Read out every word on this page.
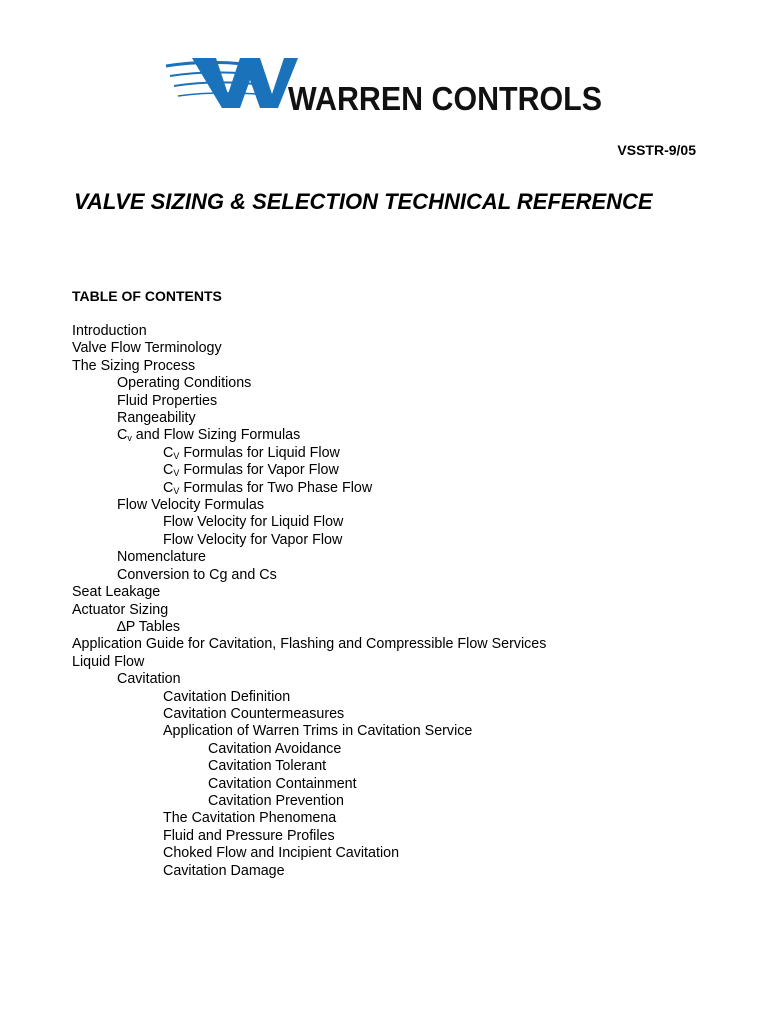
WARREN CONTROLS
VSSTR-9/05
VALVE SIZING & SELECTION TECHNICAL REFERENCE
TABLE OF CONTENTS
Introduction
Valve Flow Terminology
The Sizing Process
Operating Conditions
Fluid Properties
Rangeability
$C_v$ and Flow Sizing Formulas
$C_V$ Formulas for Liquid Flow
$C_V$ Formulas for Vapor Flow
$C_V$ Formulas for Two Phase Flow
Flow Velocity Formulas
Flow Velocity for Liquid Flow
Flow Velocity for Vapor Flow
Nomenclature
Conversion to Cg and Cs
Seat Leakage
Actuator Sizing
∆P Tables
Application Guide for Cavitation, Flashing and Compressible Flow Services
Liquid Flow
Cavitation
Cavitation Definition
Cavitation Countermeasures
Application of Warren Trims in Cavitation Service
Cavitation Avoidance
Cavitation Tolerant
Cavitation Containment
Cavitation Prevention
The Cavitation Phenomena
Fluid and Pressure Profiles
Choked Flow and Incipient Cavitation
Cavitation Damage
